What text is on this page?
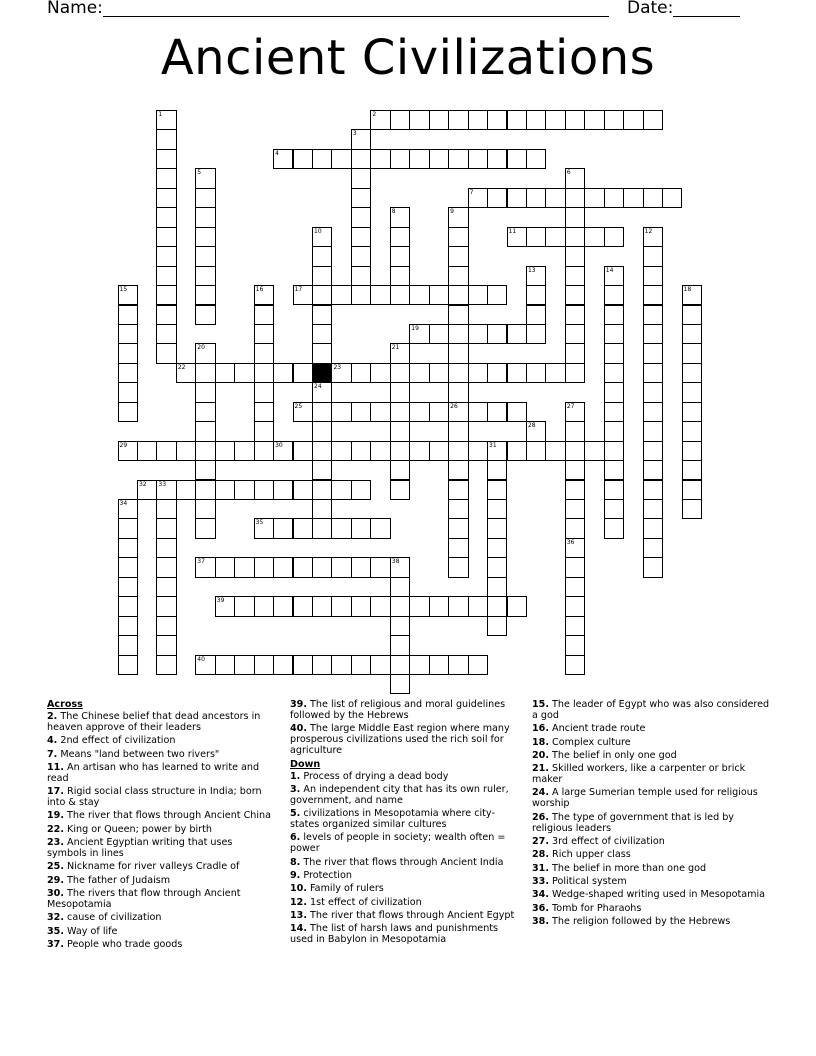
Name:	Date:
Ancient Civilizations
1	2
3
4
5	6
7
8	9
26
10
24
11	12
13	14
15	16	17	18
19
20	21
22	23
25	27
28
29	30	31
32 33
34
35
36
37	38
39
40
Across
2. The Chinese belief that dead ancestors in heaven approve of their leaders
4. 2nd effect of civilization
7. Means "land between two rivers"
11. An artisan who has learned to write and read
17. Rigid social class structure in India; born into & stay
19. The river that flows through Ancient China
22. King or Queen; power by birth
23. Ancient Egyptian writing that uses symbols in lines
25. Nickname for river valleys Cradle of
29. The father of Judaism
30. The rivers that flow through Ancient Mesopotamia
32. cause of civilization
35. Way of life
37. People who trade goods
39. The list of religious and moral guidelines followed by the Hebrews
40. The large Middle East region where many prosperous civilizations used the rich soil for agriculture
Down
1. Process of drying a dead body
3. An independent city that has its own ruler, government, and name
5. civilizations in Mesopotamia where city-states organized similar cultures
6. levels of people in society; wealth often = power
8. The river that flows through Ancient India
9. Protection
10. Family of rulers
12. 1st effect of civilization
13. The river that flows through Ancient Egypt
14. The list of harsh laws and punishments used in Babylon in Mesopotamia
15. The leader of Egypt who was also considered a god
16. Ancient trade route
18. Complex culture
20. The belief in only one god
21. Skilled workers, like a carpenter or brick maker
24. A large Sumerian temple used for religious worship
26. The type of government that is led by religious leaders
27. 3rd effect of civilization
28. Rich upper class
31. The belief in more than one god
33. Political system
34. Wedge-shaped writing used in Mesopotamia
36. Tomb for Pharaohs
38. The religion followed by the Hebrews
